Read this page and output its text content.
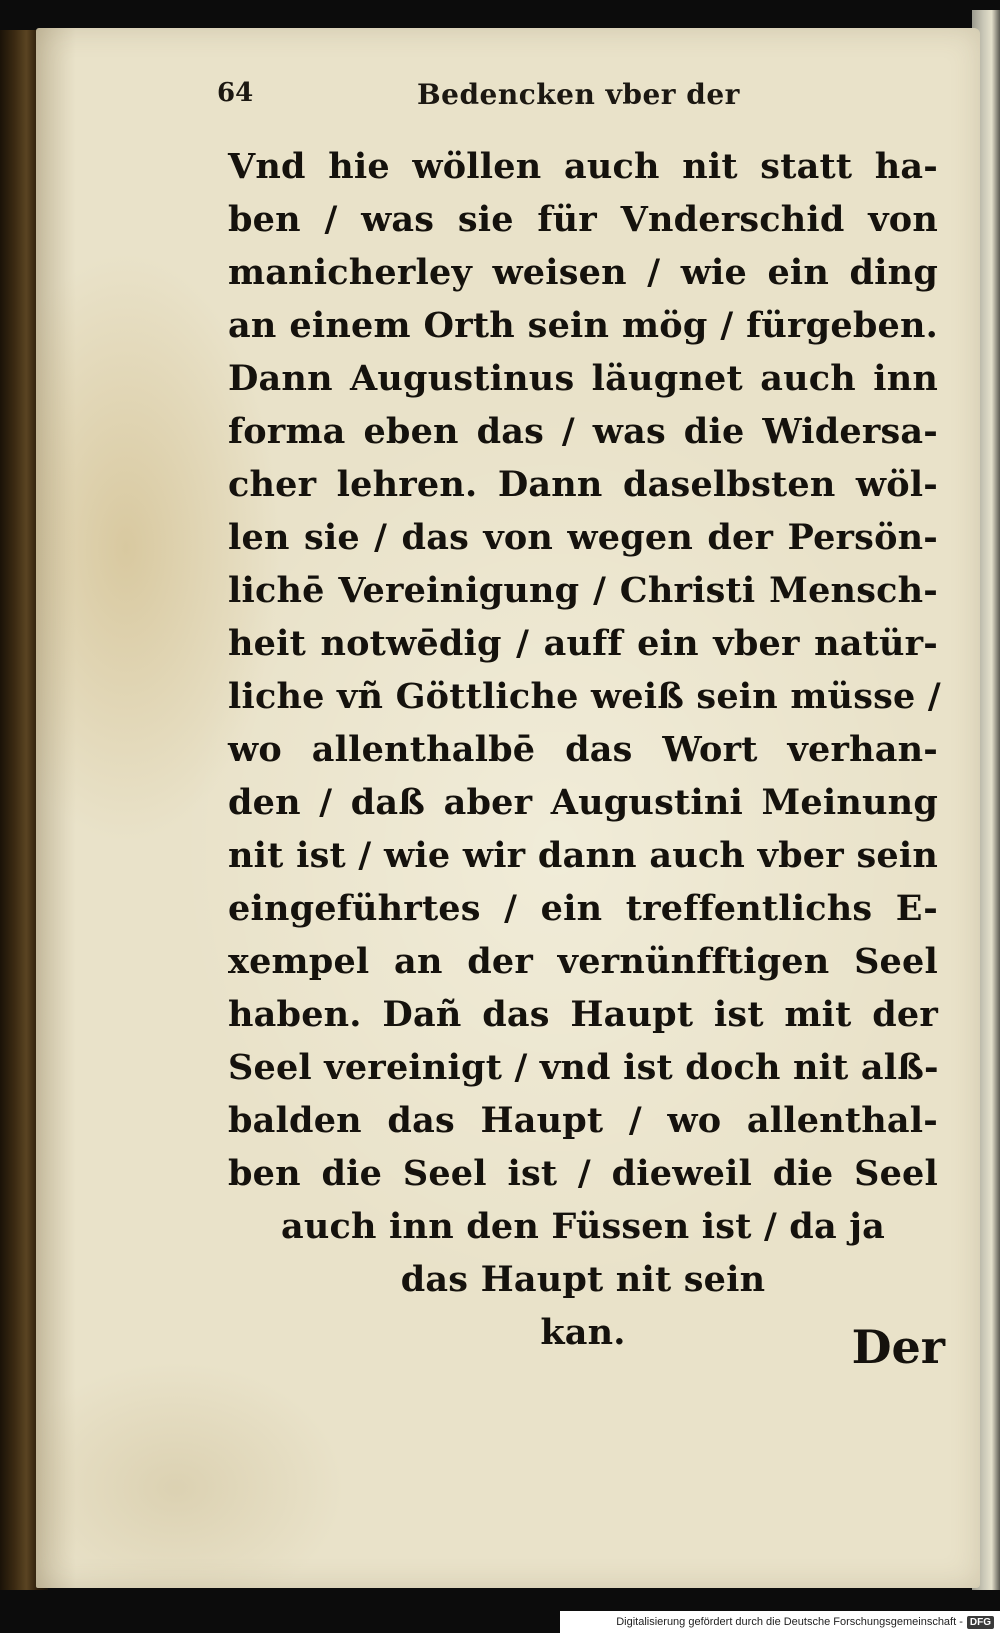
64	Bedencken vber der
Vnd hie wöllen auch nit statt ha-
ben / was sie für Vnderschid von
manicherley weisen / wie ein ding
an einem Orth sein mög / fürgeben.
Dann Augustinus läugnet auch inn
forma eben das / was die Widersa-
cher lehren. Dann daselbsten wöl-
len sie / das von wegen der Persön-
lichē Vereinigung / Christi Mensch-
heit notwēdig / auff ein vber natür-
liche vñ Göttliche weiß sein müsse /
wo allenthalbē das Wort verhan-
den / daß aber Augustini Meinung
nit ist / wie wir dann auch vber sein
eingeführtes / ein treffentlichs E-
xempel an der vernünfftigen Seel
haben. Dañ das Haupt ist mit der
Seel vereinigt / vnd ist doch nit alß-
balden das Haupt / wo allenthal-
ben die Seel ist / dieweil die Seel
auch inn den Füssen ist / da ja
das Haupt nit sein
kan.	Der
Digitalisierung gefördert durch die Deutsche Forschungsgemeinschaft - DFG
